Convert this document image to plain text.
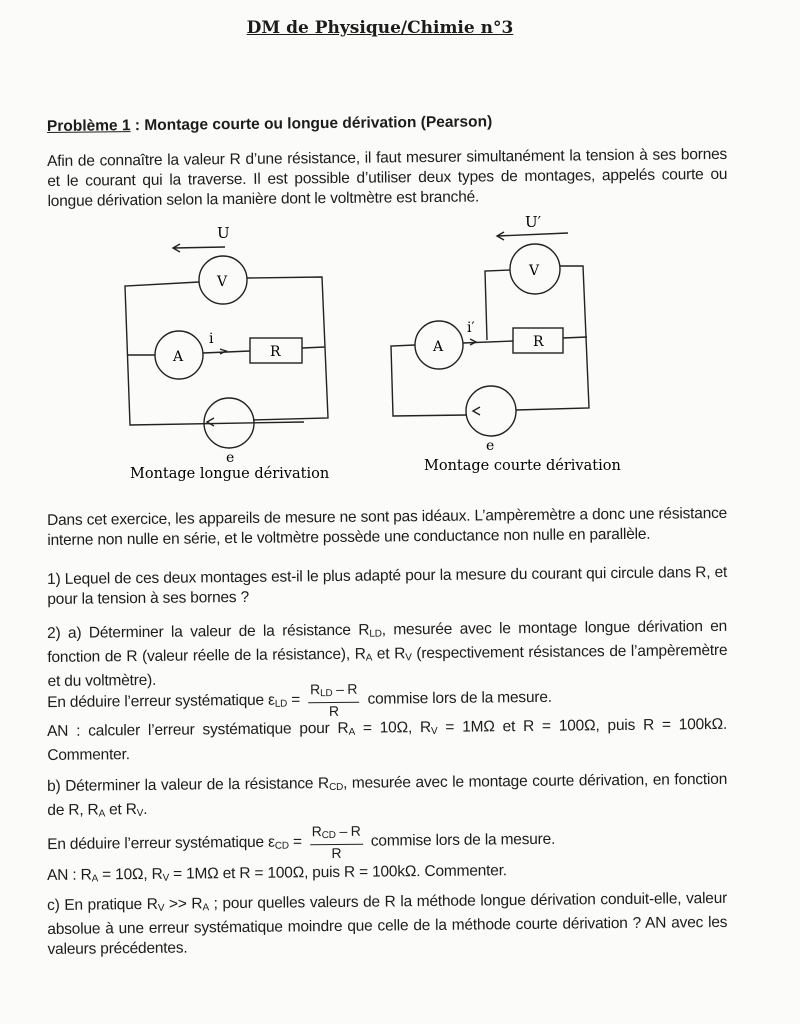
DM de Physique/Chimie n°3
Problème 1 : Montage courte ou longue dérivation (Pearson)
Afin de connaître la valeur R d’une résistance, il faut mesurer simultanément la tension à ses bornes et le courant qui la traverse. Il est possible d’utiliser deux types de montages, appelés courte ou longue dérivation selon la manière dont le voltmètre est branché.
U
V
A
i
R
e
Montage longue dérivation
U′
V
A
i′
R
e
Montage courte dérivation
Dans cet exercice, les appareils de mesure ne sont pas idéaux. L’ampèremètre a donc une résistance interne non nulle en série, et le voltmètre possède une conductance non nulle en parallèle.
1) Lequel de ces deux montages est-il le plus adapté pour la mesure du courant qui circule dans R, et pour la tension à ses bornes ?
2) a) Déterminer la valeur de la résistance $R_{LD}$, mesurée avec le montage longue dérivation en fonction de R (valeur réelle de la résistance), $R_A$ et $R_V$ (respectivement résistances de l’ampèremètre et du voltmètre).
En déduire l’erreur systématique $\varepsilon_{LD} = \frac{R_{LD} - R}{R}$ commise lors de la mesure.
AN : calculer l’erreur systématique pour $R_A = 10\Omega$, $R_V = 1M\Omega$ et R = 100Ω, puis R = 100kΩ. Commenter.
b) Déterminer la valeur de la résistance $R_{CD}$, mesurée avec le montage courte dérivation, en fonction de R, $R_A$ et $R_V$.
En déduire l’erreur systématique $\varepsilon_{CD} = \frac{R_{CD} - R}{R}$ commise lors de la mesure.
AN : $R_A = 10\Omega$, $R_V = 1M\Omega$ et R = 100Ω, puis R = 100kΩ. Commenter.
c) En pratique $R_V >> R_A$ ; pour quelles valeurs de R la méthode longue dérivation conduit-elle, valeur absolue à une erreur systématique moindre que celle de la méthode courte dérivation ? AN avec les valeurs précédentes.
